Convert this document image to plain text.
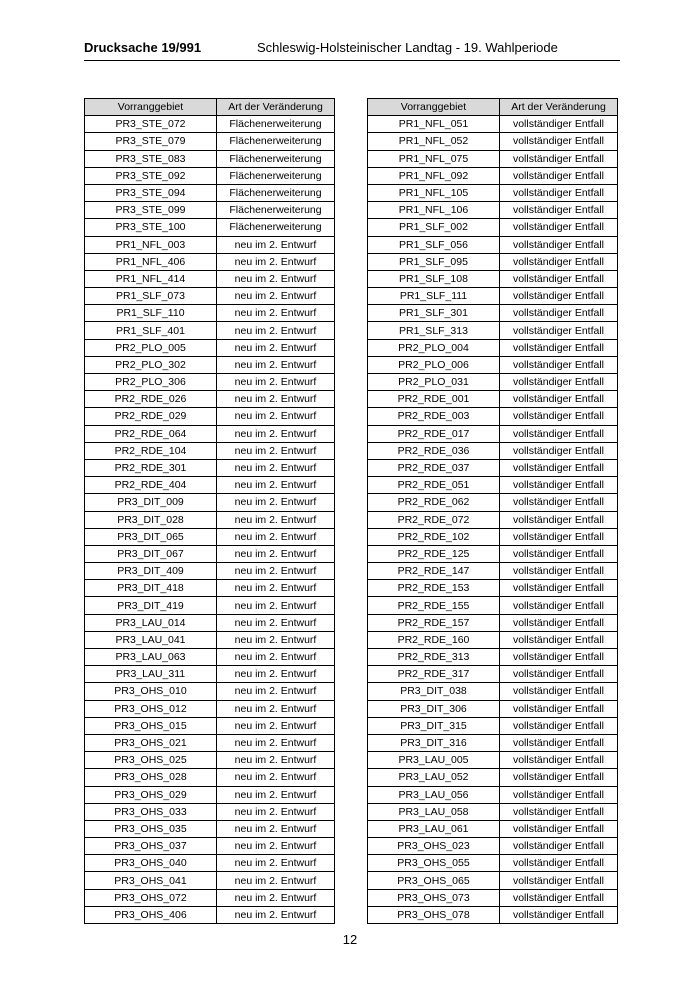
Drucksache 19/991	Schleswig-Holsteinischer Landtag - 19. Wahlperiode
Vorranggebiet	Art der Veränderung
PR3_STE_072	Flächenerweiterung
PR3_STE_079	Flächenerweiterung
PR3_STE_083	Flächenerweiterung
PR3_STE_092	Flächenerweiterung
PR3_STE_094	Flächenerweiterung
PR3_STE_099	Flächenerweiterung
PR3_STE_100	Flächenerweiterung
PR1_NFL_003	neu im 2. Entwurf
PR1_NFL_406	neu im 2. Entwurf
PR1_NFL_414	neu im 2. Entwurf
PR1_SLF_073	neu im 2. Entwurf
PR1_SLF_110	neu im 2. Entwurf
PR1_SLF_401	neu im 2. Entwurf
PR2_PLO_005	neu im 2. Entwurf
PR2_PLO_302	neu im 2. Entwurf
PR2_PLO_306	neu im 2. Entwurf
PR2_RDE_026	neu im 2. Entwurf
PR2_RDE_029	neu im 2. Entwurf
PR2_RDE_064	neu im 2. Entwurf
PR2_RDE_104	neu im 2. Entwurf
PR2_RDE_301	neu im 2. Entwurf
PR2_RDE_404	neu im 2. Entwurf
PR3_DIT_009	neu im 2. Entwurf
PR3_DIT_028	neu im 2. Entwurf
PR3_DIT_065	neu im 2. Entwurf
PR3_DIT_067	neu im 2. Entwurf
PR3_DIT_409	neu im 2. Entwurf
PR3_DIT_418	neu im 2. Entwurf
PR3_DIT_419	neu im 2. Entwurf
PR3_LAU_014	neu im 2. Entwurf
PR3_LAU_041	neu im 2. Entwurf
PR3_LAU_063	neu im 2. Entwurf
PR3_LAU_311	neu im 2. Entwurf
PR3_OHS_010	neu im 2. Entwurf
PR3_OHS_012	neu im 2. Entwurf
PR3_OHS_015	neu im 2. Entwurf
PR3_OHS_021	neu im 2. Entwurf
PR3_OHS_025	neu im 2. Entwurf
PR3_OHS_028	neu im 2. Entwurf
PR3_OHS_029	neu im 2. Entwurf
PR3_OHS_033	neu im 2. Entwurf
PR3_OHS_035	neu im 2. Entwurf
PR3_OHS_037	neu im 2. Entwurf
PR3_OHS_040	neu im 2. Entwurf
PR3_OHS_041	neu im 2. Entwurf
PR3_OHS_072	neu im 2. Entwurf
PR3_OHS_406	neu im 2. Entwurf
Vorranggebiet	Art der Veränderung
PR1_NFL_051	vollständiger Entfall
PR1_NFL_052	vollständiger Entfall
PR1_NFL_075	vollständiger Entfall
PR1_NFL_092	vollständiger Entfall
PR1_NFL_105	vollständiger Entfall
PR1_NFL_106	vollständiger Entfall
PR1_SLF_002	vollständiger Entfall
PR1_SLF_056	vollständiger Entfall
PR1_SLF_095	vollständiger Entfall
PR1_SLF_108	vollständiger Entfall
PR1_SLF_111	vollständiger Entfall
PR1_SLF_301	vollständiger Entfall
PR1_SLF_313	vollständiger Entfall
PR2_PLO_004	vollständiger Entfall
PR2_PLO_006	vollständiger Entfall
PR2_PLO_031	vollständiger Entfall
PR2_RDE_001	vollständiger Entfall
PR2_RDE_003	vollständiger Entfall
PR2_RDE_017	vollständiger Entfall
PR2_RDE_036	vollständiger Entfall
PR2_RDE_037	vollständiger Entfall
PR2_RDE_051	vollständiger Entfall
PR2_RDE_062	vollständiger Entfall
PR2_RDE_072	vollständiger Entfall
PR2_RDE_102	vollständiger Entfall
PR2_RDE_125	vollständiger Entfall
PR2_RDE_147	vollständiger Entfall
PR2_RDE_153	vollständiger Entfall
PR2_RDE_155	vollständiger Entfall
PR2_RDE_157	vollständiger Entfall
PR2_RDE_160	vollständiger Entfall
PR2_RDE_313	vollständiger Entfall
PR2_RDE_317	vollständiger Entfall
PR3_DIT_038	vollständiger Entfall
PR3_DIT_306	vollständiger Entfall
PR3_DIT_315	vollständiger Entfall
PR3_DIT_316	vollständiger Entfall
PR3_LAU_005	vollständiger Entfall
PR3_LAU_052	vollständiger Entfall
PR3_LAU_056	vollständiger Entfall
PR3_LAU_058	vollständiger Entfall
PR3_LAU_061	vollständiger Entfall
PR3_OHS_023	vollständiger Entfall
PR3_OHS_055	vollständiger Entfall
PR3_OHS_065	vollständiger Entfall
PR3_OHS_073	vollständiger Entfall
PR3_OHS_078	vollständiger Entfall
12
